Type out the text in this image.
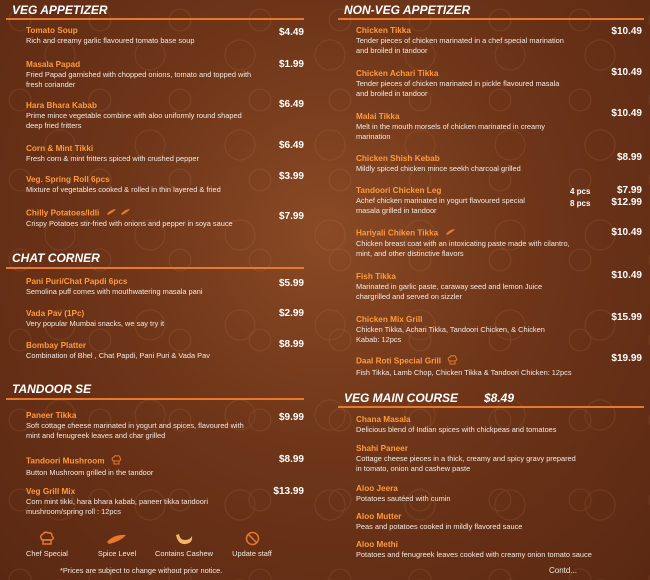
VEG APPETIZER
Tomato Soup
Rich and creamy garlic flavoured tomato base soup
$4.49
Masala Papad
Fried Papad garnished with chopped onions, tomato and topped with fresh coriander
$1.99
Hara Bhara Kabab
Prime mince vegetable combine with aloo uniformly round shaped deep fried fritters
$6.49
Corn & Mint Tikki
Fresh corn & mint fritters spiced with crushed pepper
$6.49
Veg. Spring Roll 6pcs
Mixture of vegetables cooked & rolled in thin layered & fried
$3.99
Chilly Potatoes/Idli
Crispy Potatoes stir-fried with onions and pepper in soya sauce
$7.99
CHAT CORNER
Pani Puri/Chat Papdi 6pcs
Semolina puff comes with mouthwatering masala pani
$5.99
Vada Pav (1Pc)
Very popular Mumbai snacks, we say try it
$2.99
Bombay Platter
Combination of Bhel , Chat Papdi, Pani Puri & Vada Pav
$8.99
TANDOOR SE
Paneer Tikka
Soft cottage cheese marinated in yogurt and spices, flavoured with mint and fenugreek leaves and char grilled
$9.99
Tandoori Mushroom
Button Mushroom grilled in the tandoor
$8.99
Veg Grill Mix
Corn mint tikki, hara bhara kabab, paneer tikka tandoori mushroom/spring roll : 12pcs
$13.99
Chef Special	Spice Level	Contains Cashew	Update staff
*Prices are subject to change without prior notice.
NON-VEG APPETIZER
Chicken Tikka
Tender pieces of chicken marinated in a chef special marination and broiled in tandoor
$10.49
Chicken Achari Tikka
Tender pieces of chicken marinated in pickle flavoured masala and broiled in tandoor
$10.49
Malai Tikka
Melt in the mouth morsels of chicken marinated in creamy marination
$10.49
Chicken Shish Kebab
Mildly spiced chicken mince seekh charcoal grilled
$8.99
Tandoori Chicken Leg
Achef chicken marinated in yogurt flavoured special masala grilled in tandoor
4 pcs	$7.99
8 pcs $12.99
Hariyali Chiken Tikka
Chicken breast coat with an intoxicating paste made with cilantro, mint, and other distinctive flavors
$10.49
Fish Tikka
Marinated in garlic paste, caraway seed and lemon Juice chargrilled and served on sizzler
$10.49
Chicken Mix Grill
Chicken Tikka, Achari Tikka, Tandoori Chicken, & Chicken Kabab: 12pcs
$15.99
Daal Roti Special Grill
Fish Tikka, Lamb Chop, Chicken Tikka & Tandoori Chicken: 12pcs
$19.99
VEG MAIN COURSE $8.49
Chana Masala
Delicious blend of Indian spices with chickpeas and tomatoes
Shahi Paneer
Cottage cheese pieces in a thick, creamy and spicy gravy prepared in tomato, onion and cashew paste
Aloo Jeera
Potatoes sautéed with cumin
Aloo Mutter
Peas and potatoes cooked in mildly flavored sauce
Aloo Methi
Potatoes and fenugreek leaves cooked with creamy onion tomato sauce
Contd...
